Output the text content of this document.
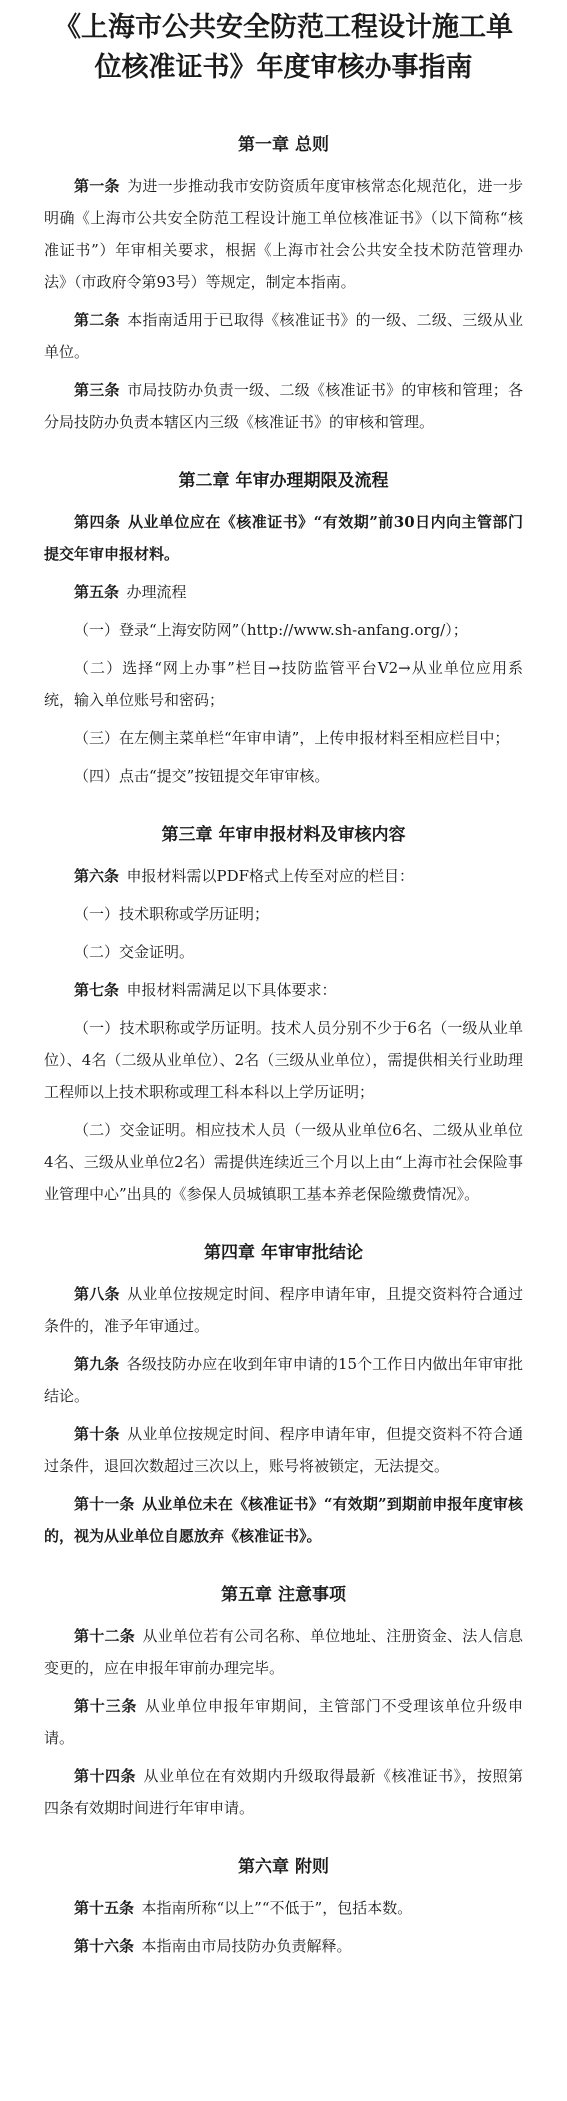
《上海市公共安全防范工程设计施工单位核准证书》年度审核办事指南
第一章 总则

第一条 为进一步推动我市安防资质年度审核常态化规范化，进一步明确《上海市公共安全防范工程设计施工单位核准证书》（以下简称“核准证书”）年审相关要求，根据《上海市社会公共安全技术防范管理办法》（市政府令第93号）等规定，制定本指南。

第二条 本指南适用于已取得《核准证书》的一级、二级、三级从业单位。

第三条 市局技防办负责一级、二级《核准证书》的审核和管理；各分局技防办负责本辖区内三级《核准证书》的审核和管理。

第二章 年审办理期限及流程

第四条 从业单位应在《核准证书》“有效期”前30日内向主管部门提交年审申报材料。

第五条 办理流程

（一）登录“上海安防网”（http://www.sh-anfang.org/）；

（二）选择“网上办事”栏目→技防监管平台V2→从业单位应用系统，输入单位账号和密码；

（三）在左侧主菜单栏“年审申请”，上传申报材料至相应栏目中；

（四）点击“提交”按钮提交年审审核。

第三章 年审申报材料及审核内容

第六条 申报材料需以PDF格式上传至对应的栏目：

（一）技术职称或学历证明；

（二）交金证明。

第七条 申报材料需满足以下具体要求：

（一）技术职称或学历证明。技术人员分别不少于6名（一级从业单位）、4名（二级从业单位）、2名（三级从业单位），需提供相关行业助理工程师以上技术职称或理工科本科以上学历证明；

（二）交金证明。相应技术人员（一级从业单位6名、二级从业单位4名、三级从业单位2名）需提供连续近三个月以上由“上海市社会保险事业管理中心”出具的《参保人员城镇职工基本养老保险缴费情况》。

第四章 年审审批结论

第八条 从业单位按规定时间、程序申请年审，且提交资料符合通过条件的，准予年审通过。

第九条 各级技防办应在收到年审申请的15个工作日内做出年审审批结论。

第十条 从业单位按规定时间、程序申请年审，但提交资料不符合通过条件，退回次数超过三次以上，账号将被锁定，无法提交。

第十一条 从业单位未在《核准证书》“有效期”到期前申报年度审核的，视为从业单位自愿放弃《核准证书》。

第五章 注意事项

第十二条 从业单位若有公司名称、单位地址、注册资金、法人信息变更的，应在申报年审前办理完毕。

第十三条 从业单位申报年审期间，主管部门不受理该单位升级申请。

第十四条 从业单位在有效期内升级取得最新《核准证书》，按照第四条有效期时间进行年审申请。

第六章 附则

第十五条 本指南所称“以上”“不低于”，包括本数。

第十六条 本指南由市局技防办负责解释。
